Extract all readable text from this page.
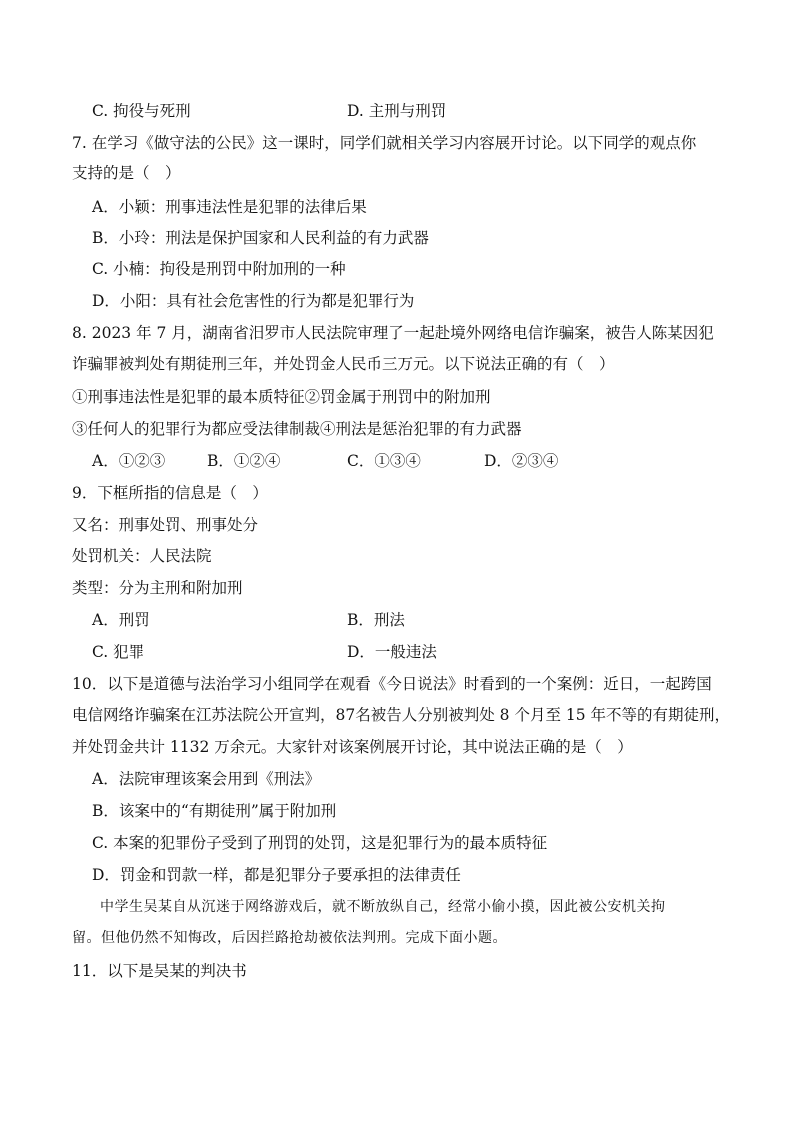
C. 拘役与死刑	D. 主刑与刑罚
7. 在学习《做守法的公民》这一课时，同学们就相关学习内容展开讨论。以下同学的观点你
支持的是（　）
A．小颖：刑事违法性是犯罪的法律后果
B．小玲：刑法是保护国家和人民利益的有力武器
C. 小楠：拘役是刑罚中附加刑的一种
D．小阳：具有社会危害性的行为都是犯罪行为
8. 2023 年 7 月，湖南省汨罗市人民法院审理了一起赴境外网络电信诈骗案，被告人陈某因犯
诈骗罪被判处有期徒刑三年，并处罚金人民币三万元。以下说法正确的有（　）
①刑事违法性是犯罪的最本质特征②罚金属于刑罚中的附加刑
③任何人的犯罪行为都应受法律制裁④刑法是惩治犯罪的有力武器
A．①②③	B．①②④	C．①③④	D．②③④
9．下框所指的信息是（　）
又名：刑事处罚、刑事处分
处罚机关：人民法院
类型：分为主刑和附加刑
A．刑罚	B．刑法
C. 犯罪	D．一般违法
10．以下是道德与法治学习小组同学在观看《今日说法》时看到的一个案例：近日，一起跨国
电信网络诈骗案在江苏法院公开宣判，87名被告人分别被判处 8 个月至 15 年不等的有期徒刑，
并处罚金共计 1132 万余元。大家针对该案例展开讨论，其中说法正确的是（　）
A．法院审理该案会用到《刑法》
B．该案中的“有期徒刑”属于附加刑
C. 本案的犯罪份子受到了刑罚的处罚，这是犯罪行为的最本质特征
D．罚金和罚款一样，都是犯罪分子要承担的法律责任
中学生吴某自从沉迷于网络游戏后，就不断放纵自己，经常小偷小摸，因此被公安机关拘
留。但他仍然不知悔改，后因拦路抢劫被依法判刑。完成下面小题。
11．以下是吴某的判决书
